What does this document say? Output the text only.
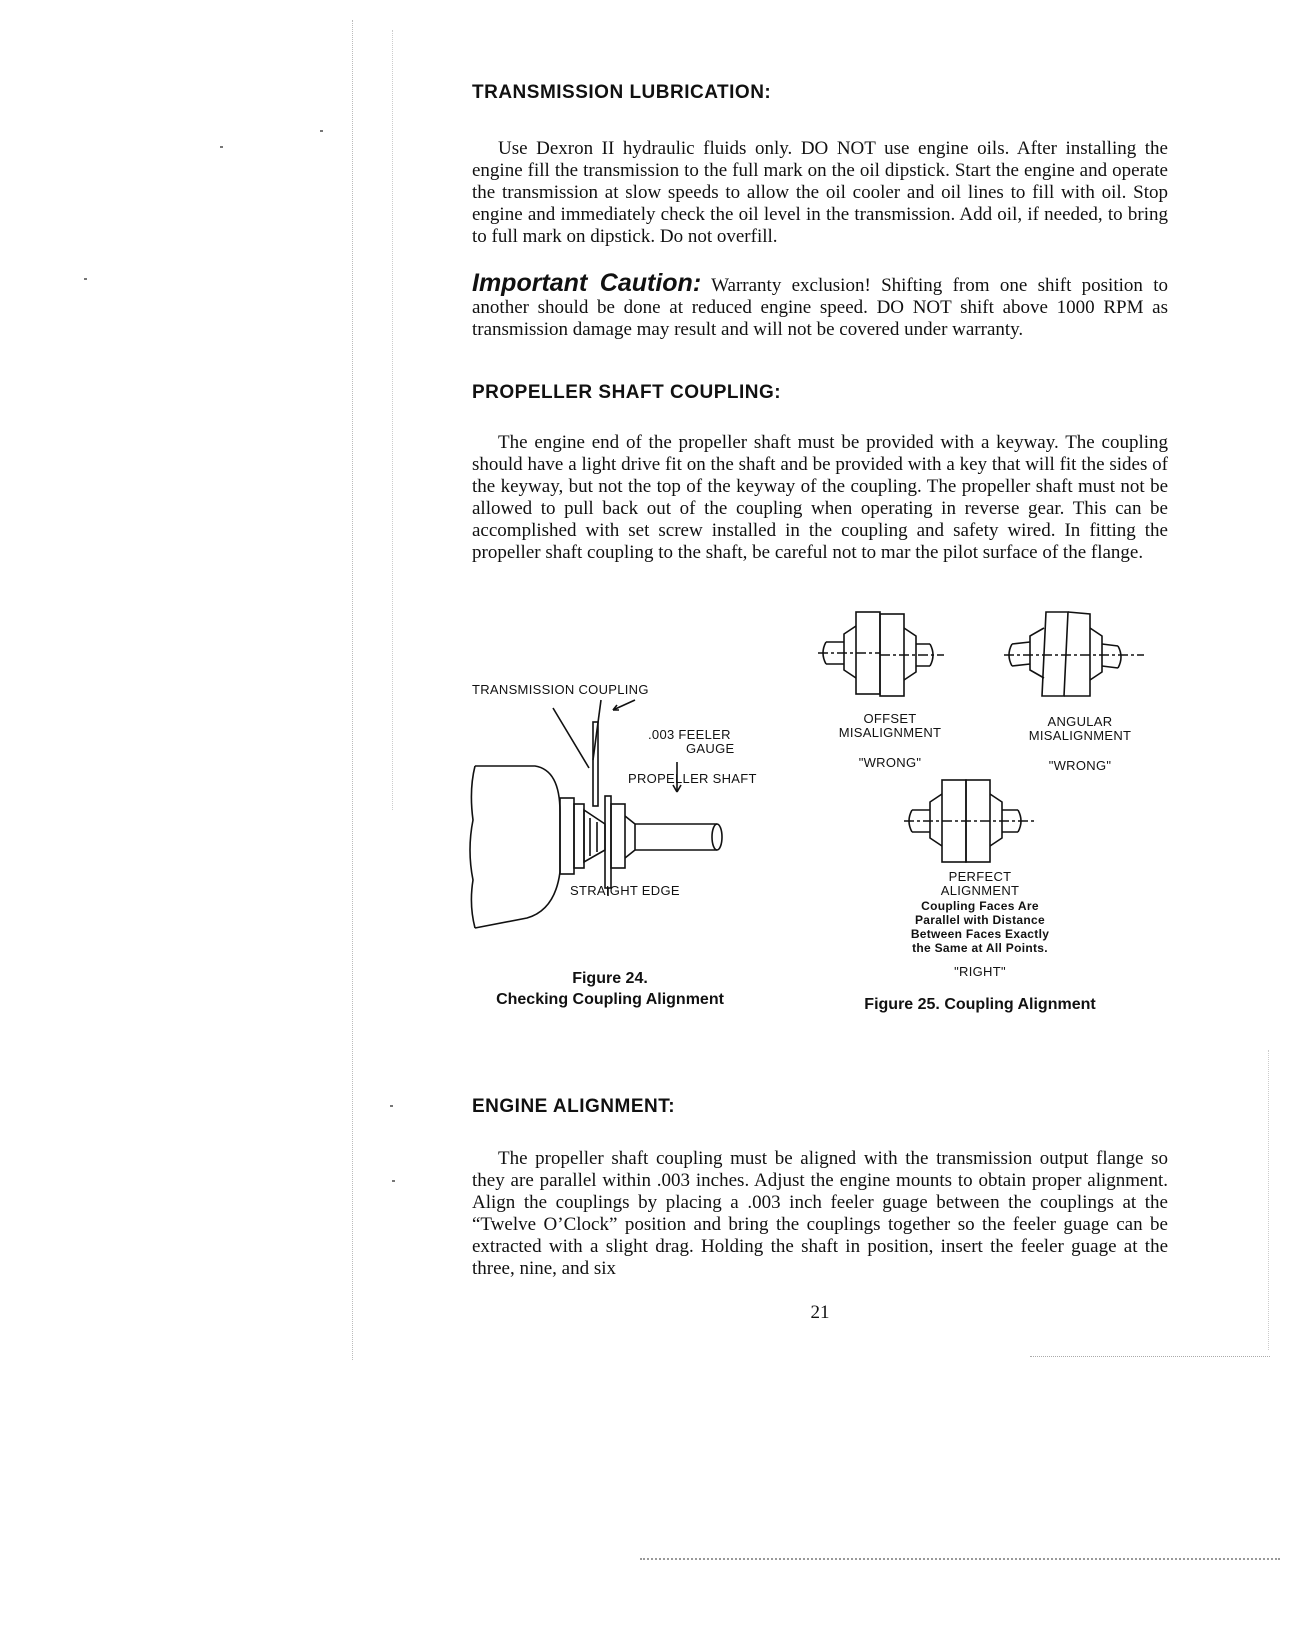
TRANSMISSION LUBRICATION:

Use Dexron II hydraulic fluids only. DO NOT use engine oils. After installing the engine fill the transmission to the full mark on the oil dipstick. Start the engine and operate the transmission at slow speeds to allow the oil cooler and oil lines to fill with oil. Stop engine and immediately check the oil level in the transmission. Add oil, if needed, to bring to full mark on dipstick. Do not overfill.

Important Caution: Warranty exclusion! Shifting from one shift position to another should be done at reduced engine speed. DO NOT shift above 1000 RPM as transmission damage may result and will not be covered under warranty.

PROPELLER SHAFT COUPLING:

The engine end of the propeller shaft must be provided with a keyway. The coupling should have a light drive fit on the shaft and be provided with a key that will fit the sides of the keyway, but not the top of the keyway of the coupling. The propeller shaft must not be allowed to pull back out of the coupling when operating in reverse gear. This can be accomplished with set screw installed in the coupling and safety wired. In fitting the propeller shaft coupling to the shaft, be careful not to mar the pilot surface of the flange.

TRANSMISSION COUPLING
.003 FEELER
GAUGE
PROPELLER SHAFT
STRAIGHT EDGE
Figure 24.
Checking Coupling Alignment
OFFSET
MISALIGNMENT
"WRONG"
ANGULAR
MISALIGNMENT
"WRONG"
PERFECT
ALIGNMENT
Coupling Faces Are
Parallel with Distance
Between Faces Exactly
the Same at All Points.
"RIGHT"
Figure 25. Coupling Alignment
ENGINE ALIGNMENT:

The propeller shaft coupling must be aligned with the transmission output flange so they are parallel within .003 inches. Adjust the engine mounts to obtain proper alignment. Align the couplings by placing a .003 inch feeler guage between the couplings at the “Twelve O’Clock” position and bring the couplings together so the feeler guage can be extracted with a slight drag. Holding the shaft in position, insert the feeler guage at the three, nine, and six

21
